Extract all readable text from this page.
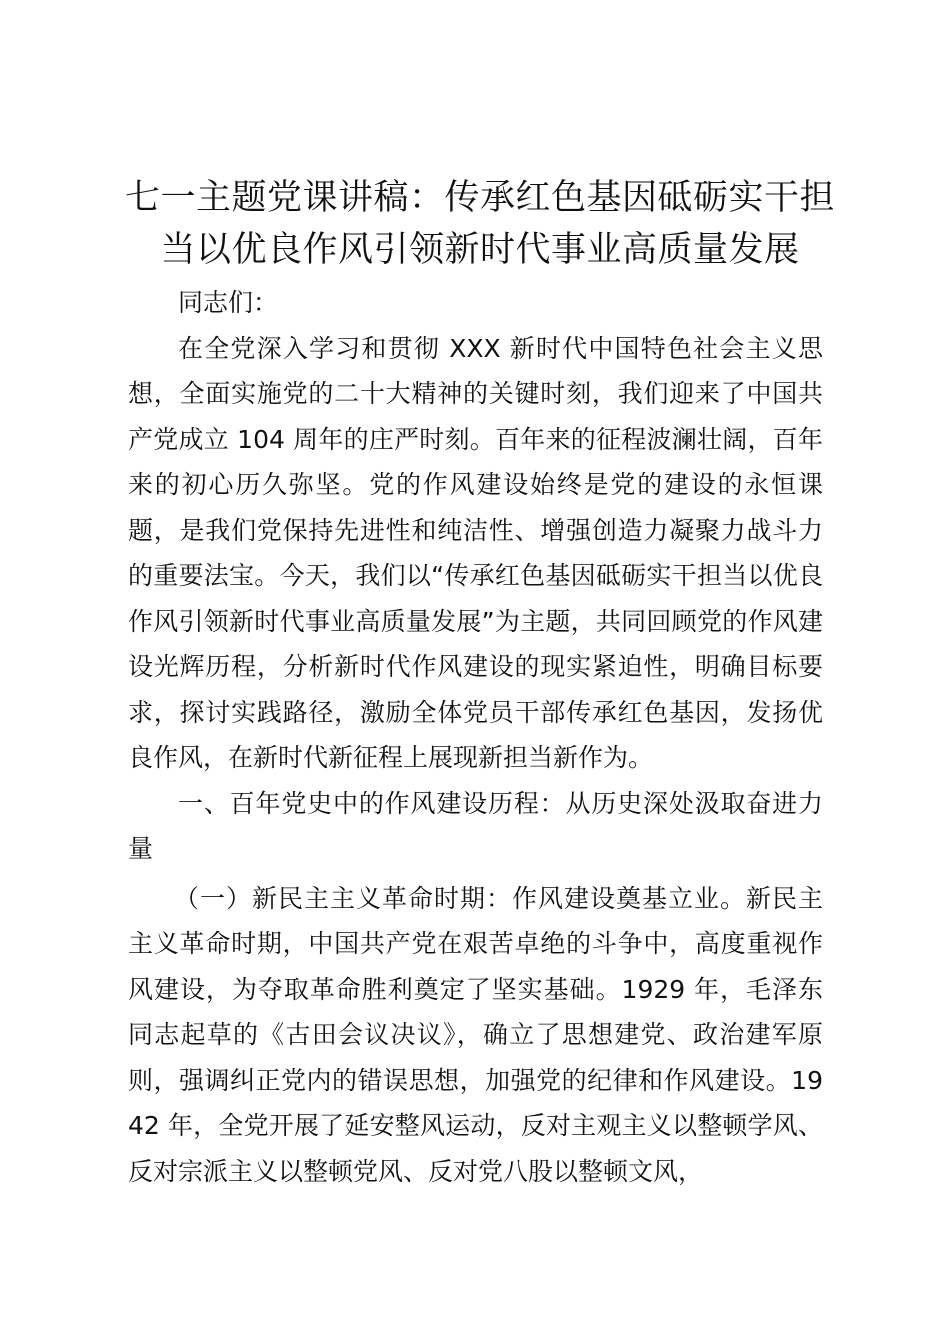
七一主题党课讲稿：传承红色基因砥砺实干担
当以优良作风引领新时代事业高质量发展

同志们：

在全党深入学习和贯彻 XXX 新时代中国特色社会主义思想，全面实施党的二十大精神的关键时刻，我们迎来了中国共产党成立 104 周年的庄严时刻。百年来的征程波澜壮阔，百年来的初心历久弥坚。党的作风建设始终是党的建设的永恒课题，是我们党保持先进性和纯洁性、增强创造力凝聚力战斗力的重要法宝。今天，我们以“传承红色基因砥砺实干担当以优良作风引领新时代事业高质量发展”为主题，共同回顾党的作风建设光辉历程，分析新时代作风建设的现实紧迫性，明确目标要求，探讨实践路径，激励全体党员干部传承红色基因，发扬优良作风，在新时代新征程上展现新担当新作为。

一、百年党史中的作风建设历程：从历史深处汲取奋进力量

（一）新民主主义革命时期：作风建设奠基立业。新民主主义革命时期，中国共产党在艰苦卓绝的斗争中，高度重视作风建设，为夺取革命胜利奠定了坚实基础。1929 年，毛泽东同志起草的《古田会议决议》，确立了思想建党、政治建军原则，强调纠正党内的错误思想，加强党的纪律和作风建设。1942 年，全党开展了延安整风运动，反对主观主义以整顿学风、反对宗派主义以整顿党风、反对党八股以整顿文风，
